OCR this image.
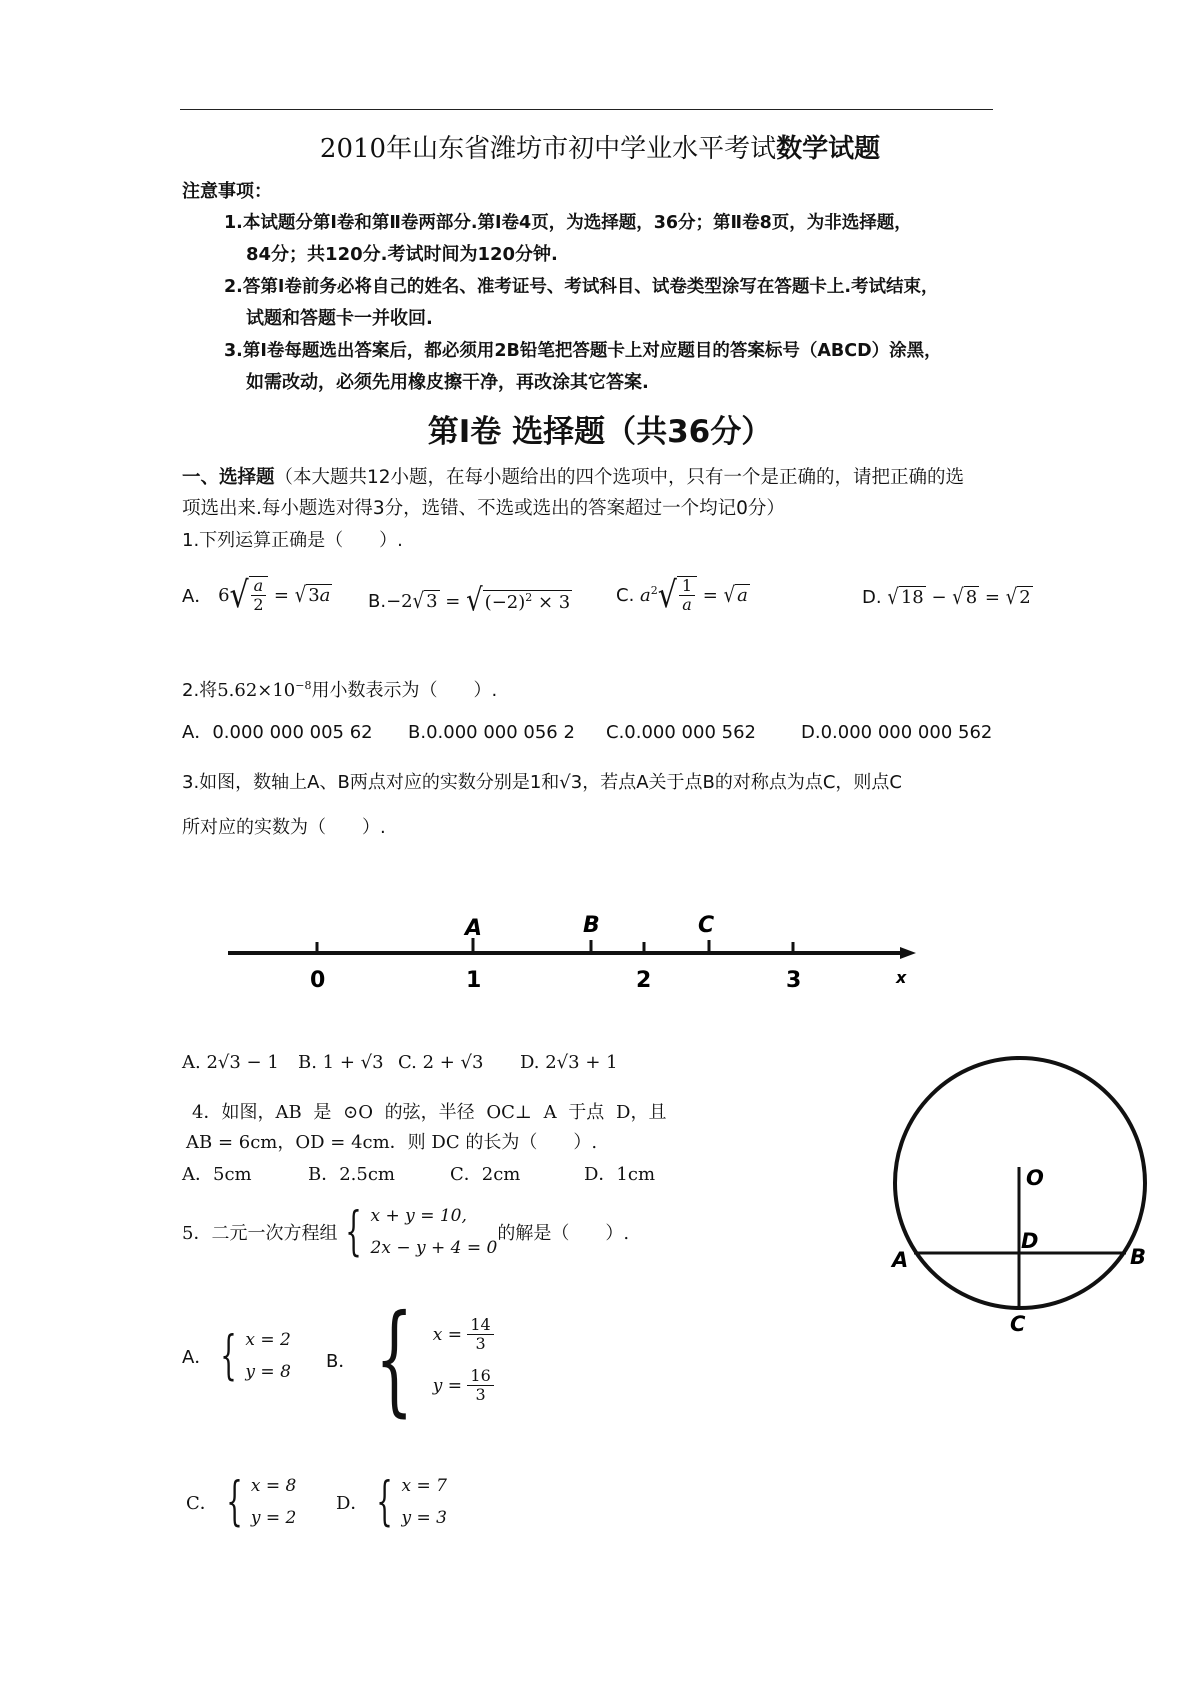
2010年山东省潍坊市初中学业水平考试数学试题
注意事项：
1.本试题分第Ⅰ卷和第Ⅱ卷两部分.第Ⅰ卷4页，为选择题，36分；第Ⅱ卷8页，为非选择题，
84分；共120分.考试时间为120分钟.
2.答第Ⅰ卷前务必将自己的姓名、准考证号、考试科目、试卷类型涂写在答题卡上.考试结束，
试题和答题卡一并收回.
3.第Ⅰ卷每题选出答案后，都必须用2B铅笔把答题卡上对应题目的答案标号（ABCD）涂黑，
如需改动，必须先用橡皮擦干净，再改涂其它答案.
第Ⅰ卷 选择题（共36分）
一、选择题（本大题共12小题，在每小题给出的四个选项中，只有一个是正确的，请把正确的选
项选出来.每小题选对得3分，选错、不选或选出的答案超过一个均记0分）
1.下列运算正确是（　　）.
A．
6 √ $\frac{a}{2}$ = √ 3a B. −2 √ 3 = √ $(-2)^2 \times 3$	C.
$a^2$ √ $\frac{1}{a}$ = √ a	D.
√ 18 − √ 8 = √ 2
2.将$5.62\times 10^{-8}$用小数表示为（　　）.
A．0.000 000 005 62 B.0.000 000 056 2 C.0.000 000 562	D.0.000 000 000 562
3.如图，数轴上A、B两点对应的实数分别是1和√3，若点A关于点B的对称点为点C，则点C
所对应的实数为（　　）.
A	B	C
0	1	2	3	x
A. 2√3 − 1 B. 1 + √3 C. 2 + √3 D. 2√3 + 1
4．如图，AB 是 ⊙O 的弦，半径 OC⊥ A 于点 D，且
AB = 6cm，OD = 4cm．则 DC 的长为（　　）.
A．5cm	B．2.5cm	C．2cm	D．1cm	O
D
A	B
C
5．二元一次方程组 { x + y = 10,
2x − y + 4 = 0
的解是（　　）.
A． { x = 2
y = 8 B． { x =
$\frac{14}{3}$
y =
$\frac{16}{3}$
C． { x = 8
y = 2
D． { x = 7
y = 3
